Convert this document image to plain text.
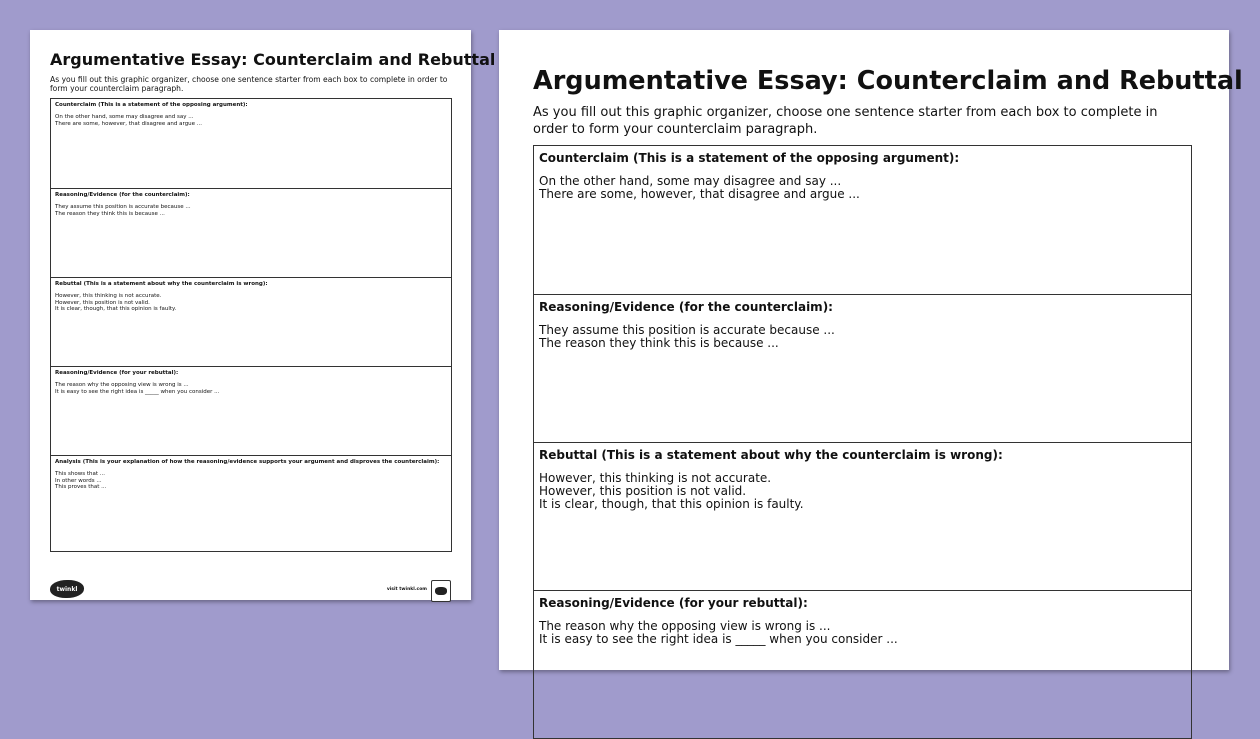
Argumentative Essay: Counterclaim and Rebuttal
As you fill out this graphic organizer, choose one sentence starter from each box to complete in order to form your counterclaim paragraph.
Counterclaim (This is a statement of the opposing argument):
On the other hand, some may disagree and say ...
There are some, however, that disagree and argue ...
Reasoning/Evidence (for the counterclaim):
They assume this position is accurate because ...
The reason they think this is because ...
Rebuttal (This is a statement about why the counterclaim is wrong):
However, this thinking is not accurate.
However, this position is not valid.
It is clear, though, that this opinion is faulty.
Reasoning/Evidence (for your rebuttal):
The reason why the opposing view is wrong is ...
It is easy to see the right idea is _____ when you consider ...
Analysis (This is your explanation of how the reasoning/evidence supports your argument and disproves the counterclaim):
This shows that ...
In other words ...
This proves that ...
twinkl	visit twinkl.com
Argumentative Essay: Counterclaim and Rebuttal
As you fill out this graphic organizer, choose one sentence starter from each box to complete in order to form your counterclaim paragraph.
Counterclaim (This is a statement of the opposing argument):
On the other hand, some may disagree and say ...
There are some, however, that disagree and argue ...
Reasoning/Evidence (for the counterclaim):
They assume this position is accurate because ...
The reason they think this is because ...
Rebuttal (This is a statement about why the counterclaim is wrong):
However, this thinking is not accurate.
However, this position is not valid.
It is clear, though, that this opinion is faulty.
Reasoning/Evidence (for your rebuttal):
The reason why the opposing view is wrong is ...
It is easy to see the right idea is _____ when you consider ...
